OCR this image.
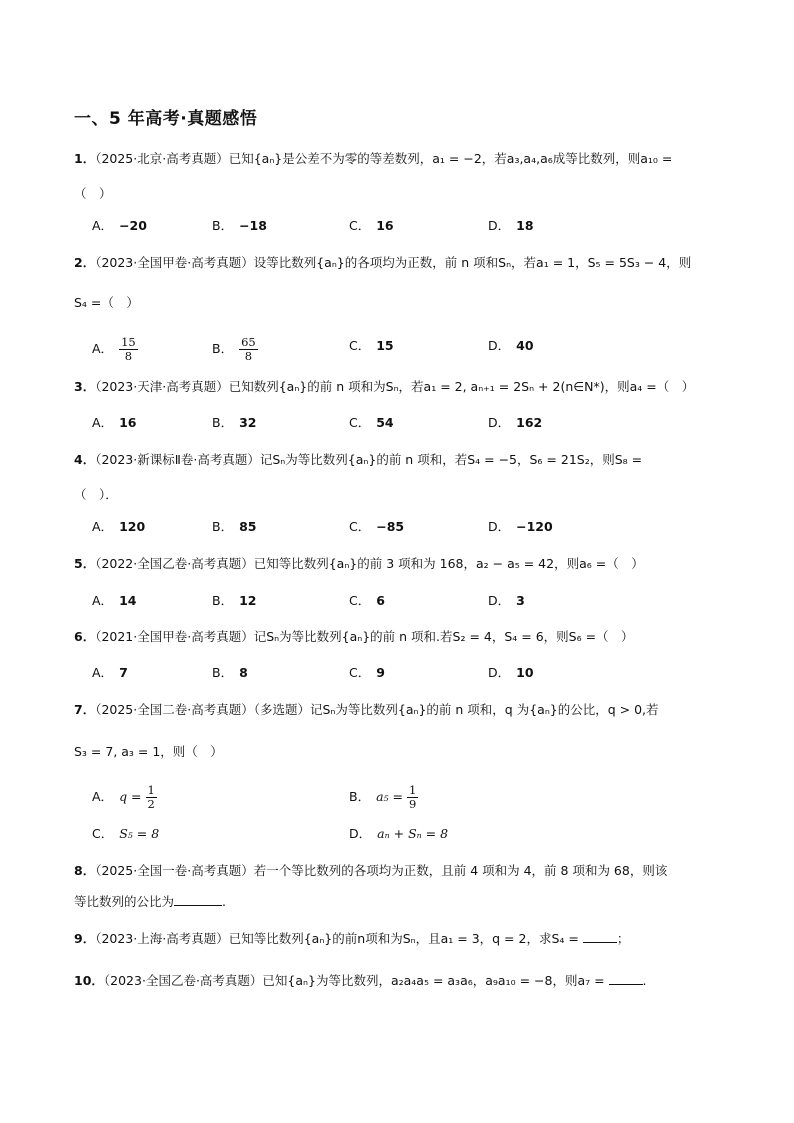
一、5 年高考·真题感悟
1．（2025·北京·高考真题）已知{aₙ}是公差不为零的等差数列，a₁ = −2，若a₃,a₄,a₆成等比数列，则a₁₀ =
（　）
A． −20	B． −18	C． 16	D． 18
2．（2023·全国甲卷·高考真题）设等比数列{aₙ}的各项均为正数，前 n 项和Sₙ，若a₁ = 1，S₅ = 5S₃ − 4，则
S₄ =（　）
A． $\frac{15}{8}$	B． $\frac{65}{8}$	C． 15	D． 40
3．（2023·天津·高考真题）已知数列{aₙ}的前 n 项和为Sₙ，若a₁ = 2, aₙ₊₁ = 2Sₙ + 2(n∈N*)，则a₄ =（　）
A． 16	B． 32	C． 54	D． 162
4．（2023·新课标Ⅱ卷·高考真题）记Sₙ为等比数列{aₙ}的前 n 项和，若S₄ = −5，S₆ = 21S₂，则S₈ =
（　）．
A． 120	B． 85	C． −85	D． −120
5．（2022·全国乙卷·高考真题）已知等比数列{aₙ}的前 3 项和为 168，a₂ − a₅ = 42，则a₆ =（　）
A． 14	B． 12	C． 6	D． 3
6．（2021·全国甲卷·高考真题）记Sₙ为等比数列{aₙ}的前 n 项和.若S₂ = 4，S₄ = 6，则S₆ =（　）
A． 7	B． 8	C． 9	D． 10
7．（2025·全国二卷·高考真题）（多选题）记Sₙ为等比数列{aₙ}的前 n 项和，q 为{aₙ}的公比，q > 0,若
S₃ = 7, a₃ = 1，则（　）
A． $q = \frac{1}{2}$	B． $a_5 = \frac{1}{9}$
C． S₅ = 8	D． aₙ + Sₙ = 8
8．（2025·全国一卷·高考真题）若一个等比数列的各项均为正数，且前 4 项和为 4，前 8 项和为 68，则该
等比数列的公比为	.
9．（2023·上海·高考真题）已知等比数列{aₙ}的前n项和为Sₙ，且a₁ = 3，q = 2，求S₄ =	；
10．（2023·全国乙卷·高考真题）已知{aₙ}为等比数列，a₂a₄a₅ = a₃a₆，a₉a₁₀ = −8，则a₇ =	.
